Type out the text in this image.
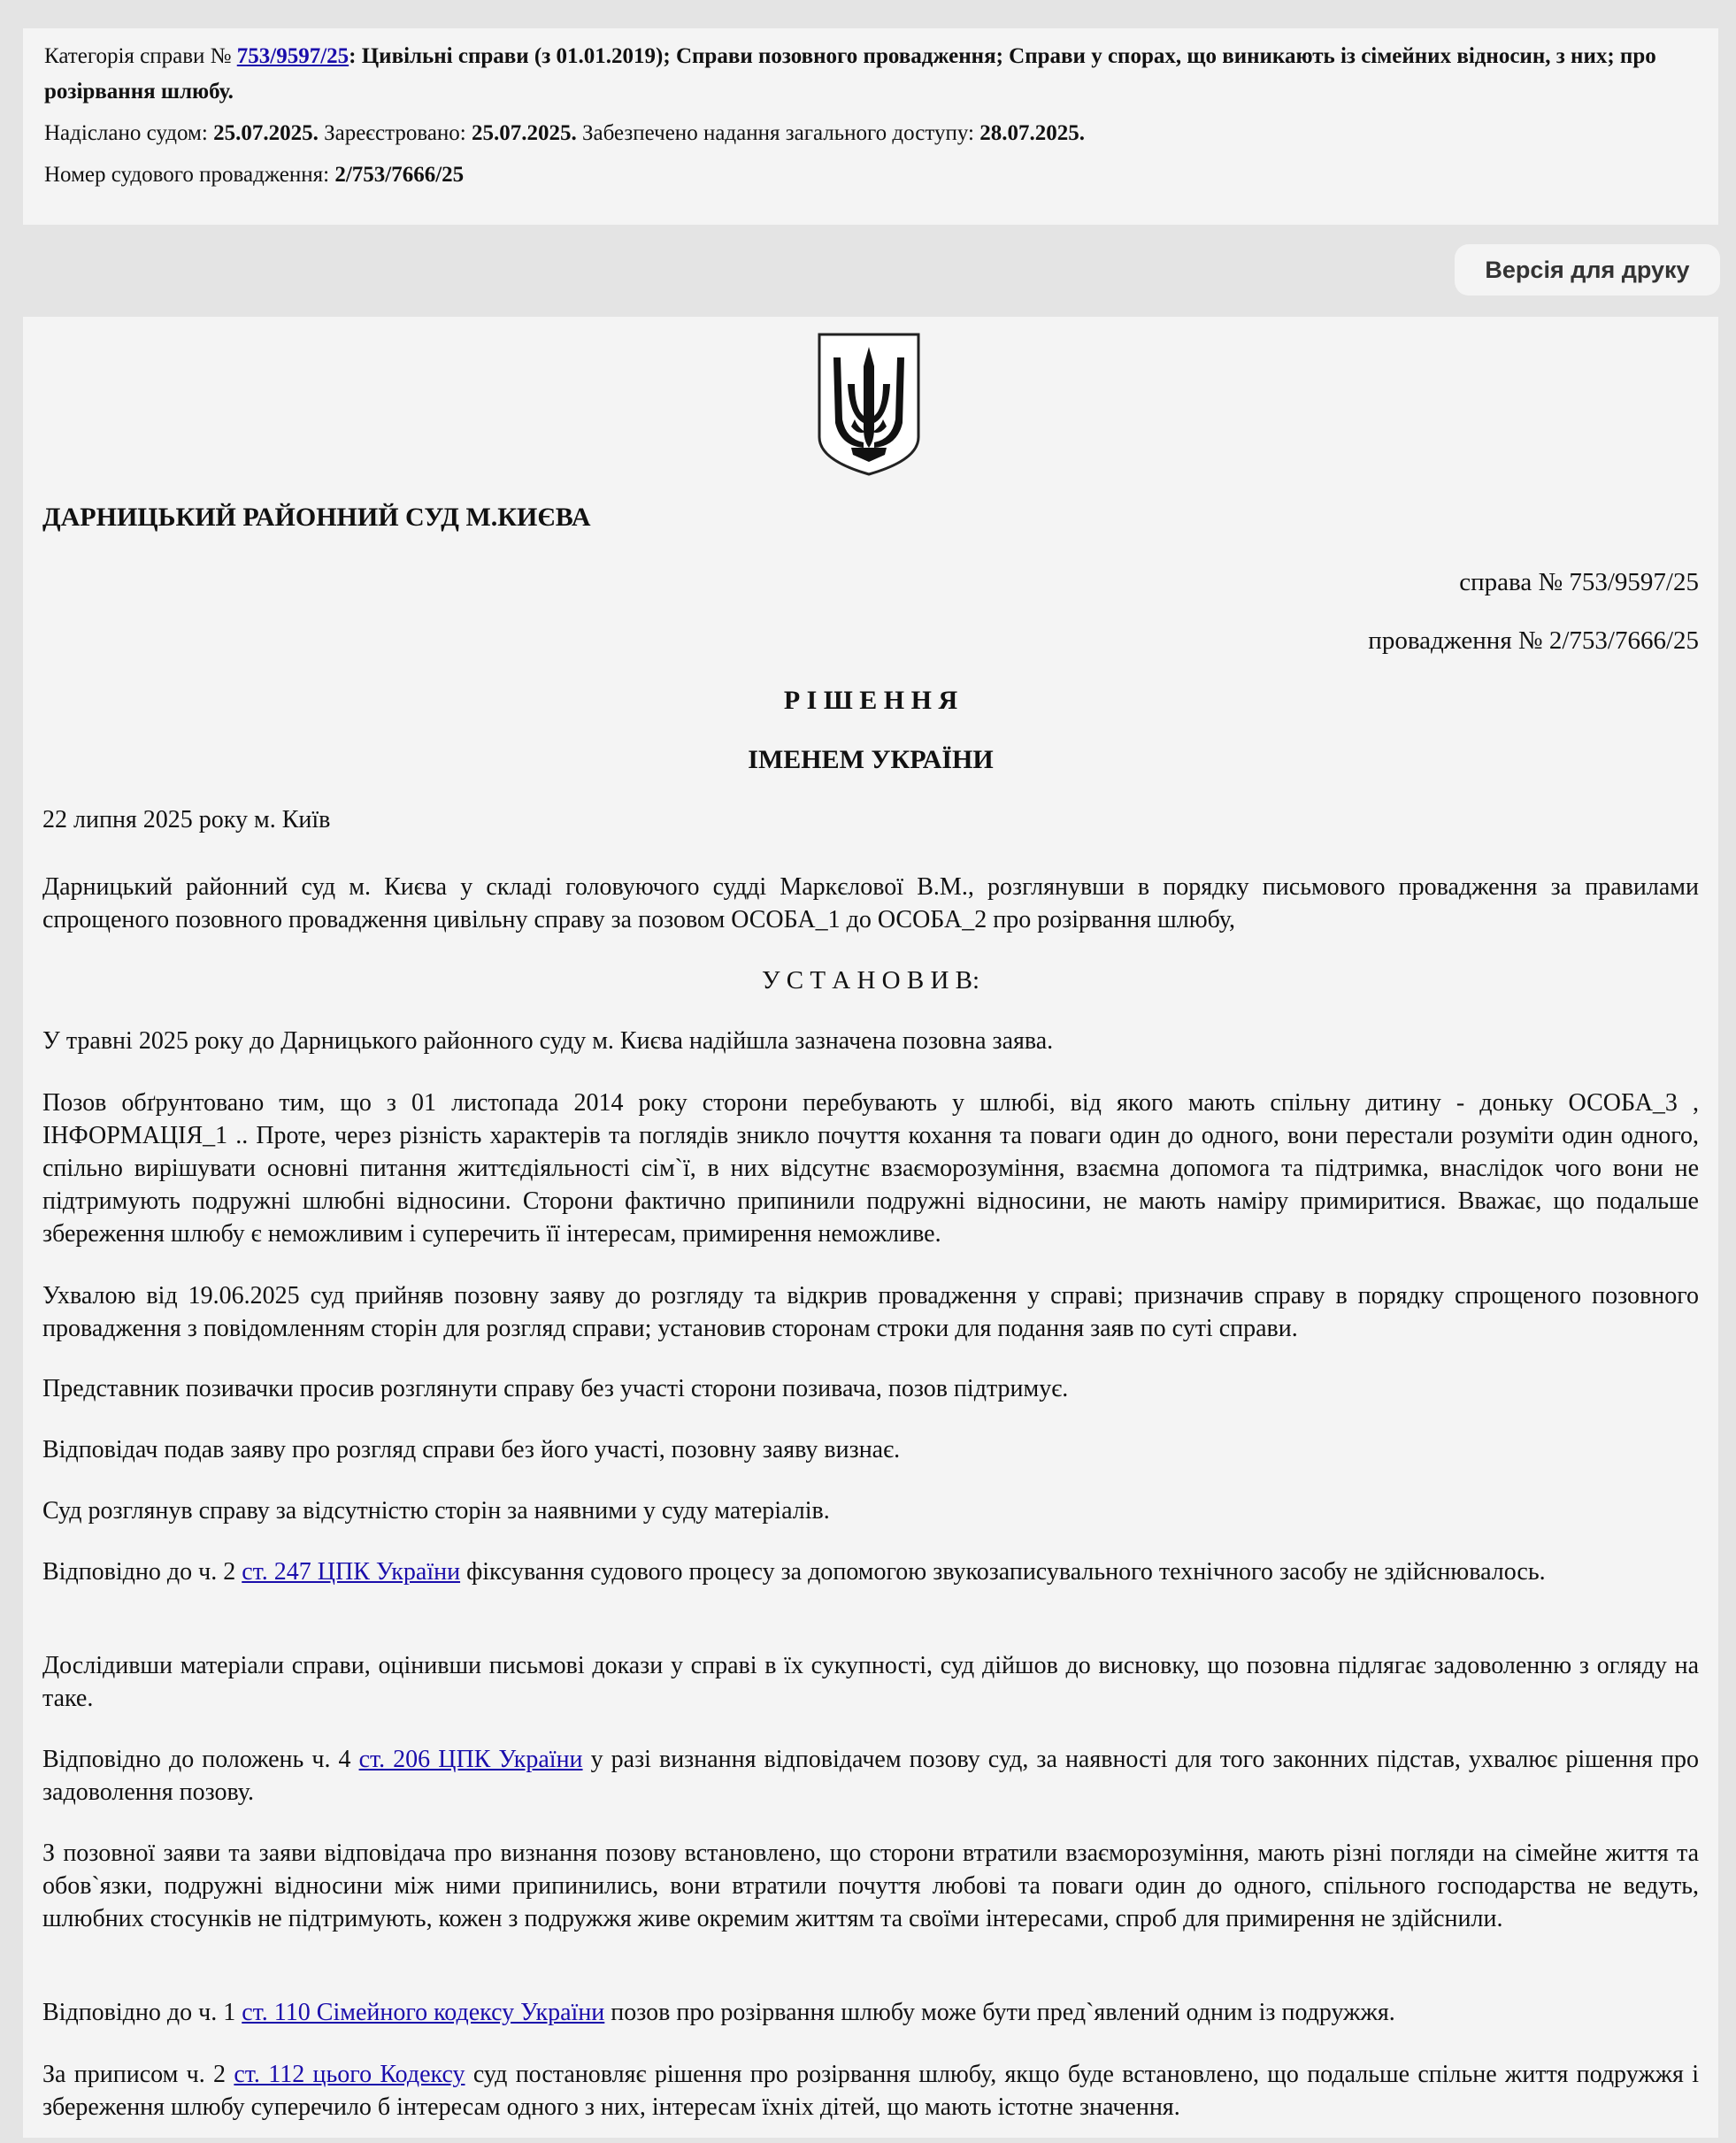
Категорія справи № 753/9597/25: Цивільні справи (з 01.01.2019); Справи позовного провадження; Справи у спорах, що виникають із сімейних відносин, з них; про розірвання шлюбу.

Надіслано судом: 25.07.2025. Зареєстровано: 25.07.2025. Забезпечено надання загального доступу: 28.07.2025.

Номер судового провадження: 2/753/7666/25

Версія для друку
ДАРНИЦЬКИЙ РАЙОННИЙ СУД М.КИЄВА
справа № 753/9597/25
провадження № 2/753/7666/25
Р І Ш Е Н Н Я
ІМЕНЕМ УКРАЇНИ
22 липня 2025 року м. Київ

Дарницький районний суд м. Києва у складі головуючого судді Маркєлової В.М., розглянувши в порядку письмового провадження за правилами спрощеного позовного провадження цивільну справу за позовом ОСОБА_1 до ОСОБА_2 про розірвання шлюбу,

У С Т А Н О В И В:

У травні 2025 року до Дарницького районного суду м. Києва надійшла зазначена позовна заява.

Позов обґрунтовано тим, що з 01 листопада 2014 року сторони перебувають у шлюбі, від якого мають спільну дитину - доньку ОСОБА_3 , ІНФОРМАЦІЯ_1 .. Проте, через різність характерів та поглядів зникло почуття кохання та поваги один до одного, вони перестали розуміти один одного, спільно вирішувати основні питання життєдіяльності сім`ї, в них відсутнє взаєморозуміння, взаємна допомога та підтримка, внаслідок чого вони не підтримують подружні шлюбні відносини. Сторони фактично припинили подружні відносини, не мають наміру примиритися. Вважає, що подальше збереження шлюбу є неможливим і суперечить її інтересам, примирення неможливе.

Ухвалою від 19.06.2025 суд прийняв позовну заяву до розгляду та відкрив провадження у справі; призначив справу в порядку спрощеного позовного провадження з повідомленням сторін для розгляд справи; установив сторонам строки для подання заяв по суті справи.

Представник позивачки просив розглянути справу без участі сторони позивача, позов підтримує.

Відповідач подав заяву про розгляд справи без його участі, позовну заяву визнає.

Суд розглянув справу за відсутністю сторін за наявними у суду матеріалів.

Відповідно до ч. 2 ст. 247 ЦПК України фіксування судового процесу за допомогою звукозаписувального технічного засобу не здійснювалось.

Дослідивши матеріали справи, оцінивши письмові докази у справі в їх сукупності, суд дійшов до висновку, що позовна підлягає задоволенню з огляду на таке.

Відповідно до положень ч. 4 ст. 206 ЦПК України у разі визнання відповідачем позову суд, за наявності для того законних підстав, ухвалює рішення про задоволення позову.

З позовної заяви та заяви відповідача про визнання позову встановлено, що сторони втратили взаєморозуміння, мають різні погляди на сімейне життя та обов`язки, подружні відносини між ними припинились, вони втратили почуття любові та поваги один до одного, спільного господарства не ведуть, шлюбних стосунків не підтримують, кожен з подружжя живе окремим життям та своїми інтересами, спроб для примирення не здійснили.

Відповідно до ч. 1 ст. 110 Сімейного кодексу України позов про розірвання шлюбу може бути пред`явлений одним із подружжя.

За приписом ч. 2 ст. 112 цього Кодексу суд постановляє рішення про розірвання шлюбу, якщо буде встановлено, що подальше спільне життя подружжя і збереження шлюбу суперечило б інтересам одного з них, інтересам їхніх дітей, що мають істотне значення.
